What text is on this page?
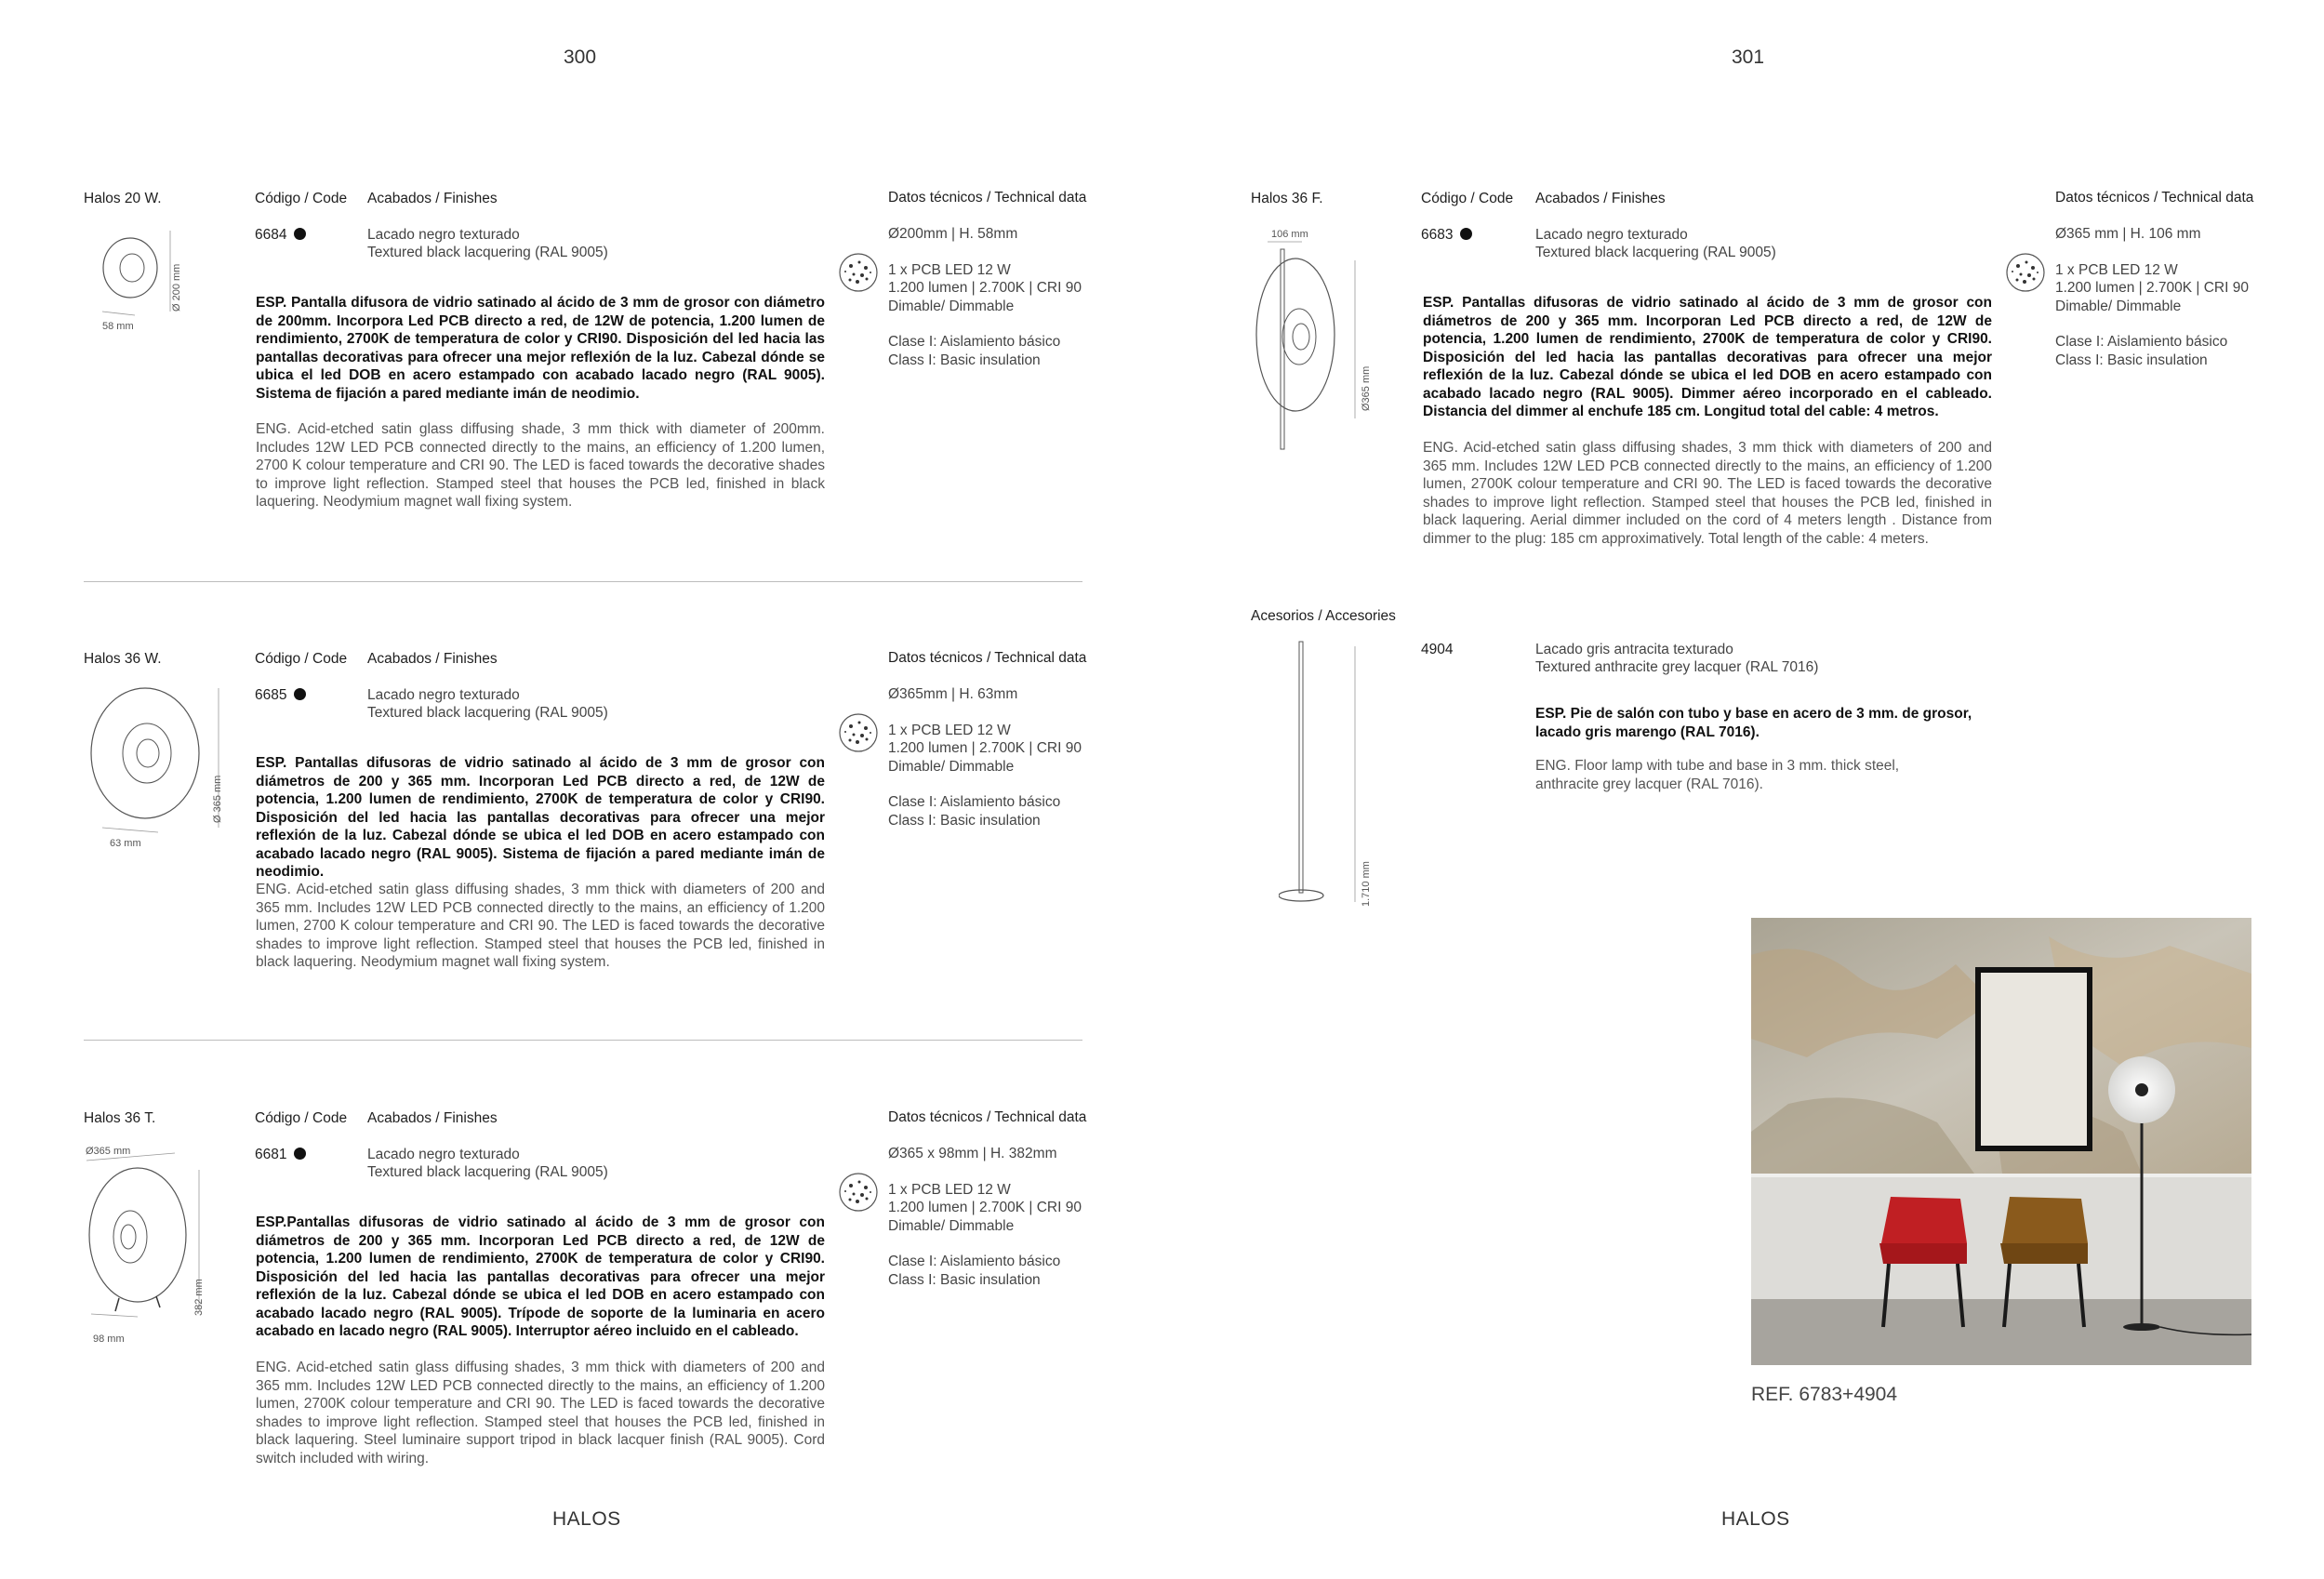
300	301
Halos 20 W.	Código / Code Acabados / Finishes	Datos técnicos / Technical data
6684	Lacado negro texturado
Textured black lacquering (RAL 9005)
ESP. Pantalla difusora de vidrio satinado al ácido de 3 mm de grosor con diámetro de 200mm. Incorpora Led PCB directo a red, de 12W de potencia, 1.200 lumen de rendimiento, 2700K de temperatura de color y CRI90. Disposición del led hacia las pantallas decorativas para ofrecer una mejor reflexión de la luz. Cabezal dónde se ubica el led DOB en acero estampado con acabado lacado negro (RAL 9005). Sistema de fijación a pared mediante imán de neodimio.
ENG. Acid-etched satin glass diffusing shade, 3 mm thick with diameter of 200mm. Includes 12W LED PCB connected directly to the mains, an efficiency of 1.200 lumen, 2700 K colour temperature and CRI 90. The LED is faced towards the decorative shades to improve light reflection. Stamped steel that houses the PCB led, finished in black laquering. Neodymium magnet wall fixing system.
Ø200mm | H. 58mm
1 x PCB LED 12 W
1.200 lumen | 2.700K | CRI 90
Dimable/ Dimmable
Clase I: Aislamiento básico
Class I: Basic insulation
Ø 200 mm
58 mm
Halos 36 W.	Código / Code Acabados / Finishes	Datos técnicos / Technical data
6685	Lacado negro texturado
Textured black lacquering (RAL 9005)
ESP. Pantallas difusoras de vidrio satinado al ácido de 3 mm de grosor con diámetros de 200 y 365 mm. Incorporan Led PCB directo a red, de 12W de potencia, 1.200 lumen de rendimiento, 2700K de temperatura de color y CRI90. Disposición del led hacia las pantallas decorativas para ofrecer una mejor reflexión de la luz. Cabezal dónde se ubica el led DOB en acero estampado con acabado lacado negro (RAL 9005). Sistema de fijación a pared mediante imán de neodimio.
ENG. Acid-etched satin glass diffusing shades, 3 mm thick with diameters of 200 and 365 mm. Includes 12W LED PCB connected directly to the mains, an efficiency of 1.200 lumen, 2700 K colour temperature and CRI 90. The LED is faced towards the decorative shades to improve light reflection. Stamped steel that houses the PCB led, finished in black laquering. Neodymium magnet wall fixing system.
Ø365mm | H. 63mm
1 x PCB LED 12 W
1.200 lumen | 2.700K | CRI 90
Dimable/ Dimmable
Clase I: Aislamiento básico
Class I: Basic insulation
Ø 365 mm
63 mm
Halos 36 T.	Código / Code Acabados / Finishes	Datos técnicos / Technical data
6681	Lacado negro texturado
Textured black lacquering (RAL 9005)
ESP.Pantallas difusoras de vidrio satinado al ácido de 3 mm de grosor con diámetros de 200 y 365 mm. Incorporan Led PCB directo a red, de 12W de potencia, 1.200 lumen de rendimiento, 2700K de temperatura de color y CRI90. Disposición del led hacia las pantallas decorativas para ofrecer una mejor reflexión de la luz. Cabezal dónde se ubica el led DOB en acero estampado con acabado lacado negro (RAL 9005). Trípode de soporte de la luminaria en acero acabado en lacado negro (RAL 9005). Interruptor aéreo incluido en el cableado.
ENG. Acid-etched satin glass diffusing shades, 3 mm thick with diameters of 200 and 365 mm. Includes 12W LED PCB connected directly to the mains, an efficiency of 1.200 lumen, 2700K colour temperature and CRI 90. The LED is faced towards the decorative shades to improve light reflection. Stamped steel that houses the PCB led, finished in black laquering. Steel luminaire support tripod in black lacquer finish (RAL 9005). Cord switch included with wiring.
Ø365 x 98mm | H. 382mm
1 x PCB LED 12 W
1.200 lumen | 2.700K | CRI 90
Dimable/ Dimmable
Clase I: Aislamiento básico
Class I: Basic insulation
Ø365 mm
382 mm
98 mm
HALOS
Halos 36 F.	Código / Code Acabados / Finishes	Datos técnicos / Technical data
6683	Lacado negro texturado
Textured black lacquering (RAL 9005)
ESP. Pantallas difusoras de vidrio satinado al ácido de 3 mm de grosor con diámetros de 200 y 365 mm. Incorporan Led PCB directo a red, de 12W de potencia, 1.200 lumen de rendimiento, 2700K de temperatura de color y CRI90. Disposición del led hacia las pantallas decorativas para ofrecer una mejor reflexión de la luz. Cabezal dónde se ubica el led DOB en acero estampado con acabado lacado negro (RAL 9005). Dimmer aéreo incorporado en el cableado. Distancia del dimmer al enchufe 185 cm. Longitud total del cable: 4 metros.
ENG. Acid-etched satin glass diffusing shades, 3 mm thick with diameters of 200 and 365 mm. Includes 12W LED PCB connected directly to the mains, an efficiency of 1.200 lumen, 2700K colour temperature and CRI 90. The LED is faced towards the decorative shades to improve light reflection. Stamped steel that houses the PCB led, finished in black laquering. Aerial dimmer included on the cord of 4 meters length . Distance from dimmer to the plug: 185 cm approximatively. Total length of the cable: 4 meters.
Ø365 mm | H. 106 mm
1 x PCB LED 12 W
1.200 lumen | 2.700K | CRI 90
Dimable/ Dimmable
Clase I: Aislamiento básico
Class I: Basic insulation
106 mm
Ø365 mm
Acesorios / Accesories
4904	Lacado gris antracita texturado
Textured anthracite grey lacquer (RAL 7016)
ESP. Pie de salón con tubo y base en acero de 3 mm. de grosor, lacado gris marengo (RAL 7016).
ENG. Floor lamp with tube and base in 3 mm. thick steel, anthracite grey lacquer (RAL 7016).
1.710 mm
REF. 6783+4904
HALOS
